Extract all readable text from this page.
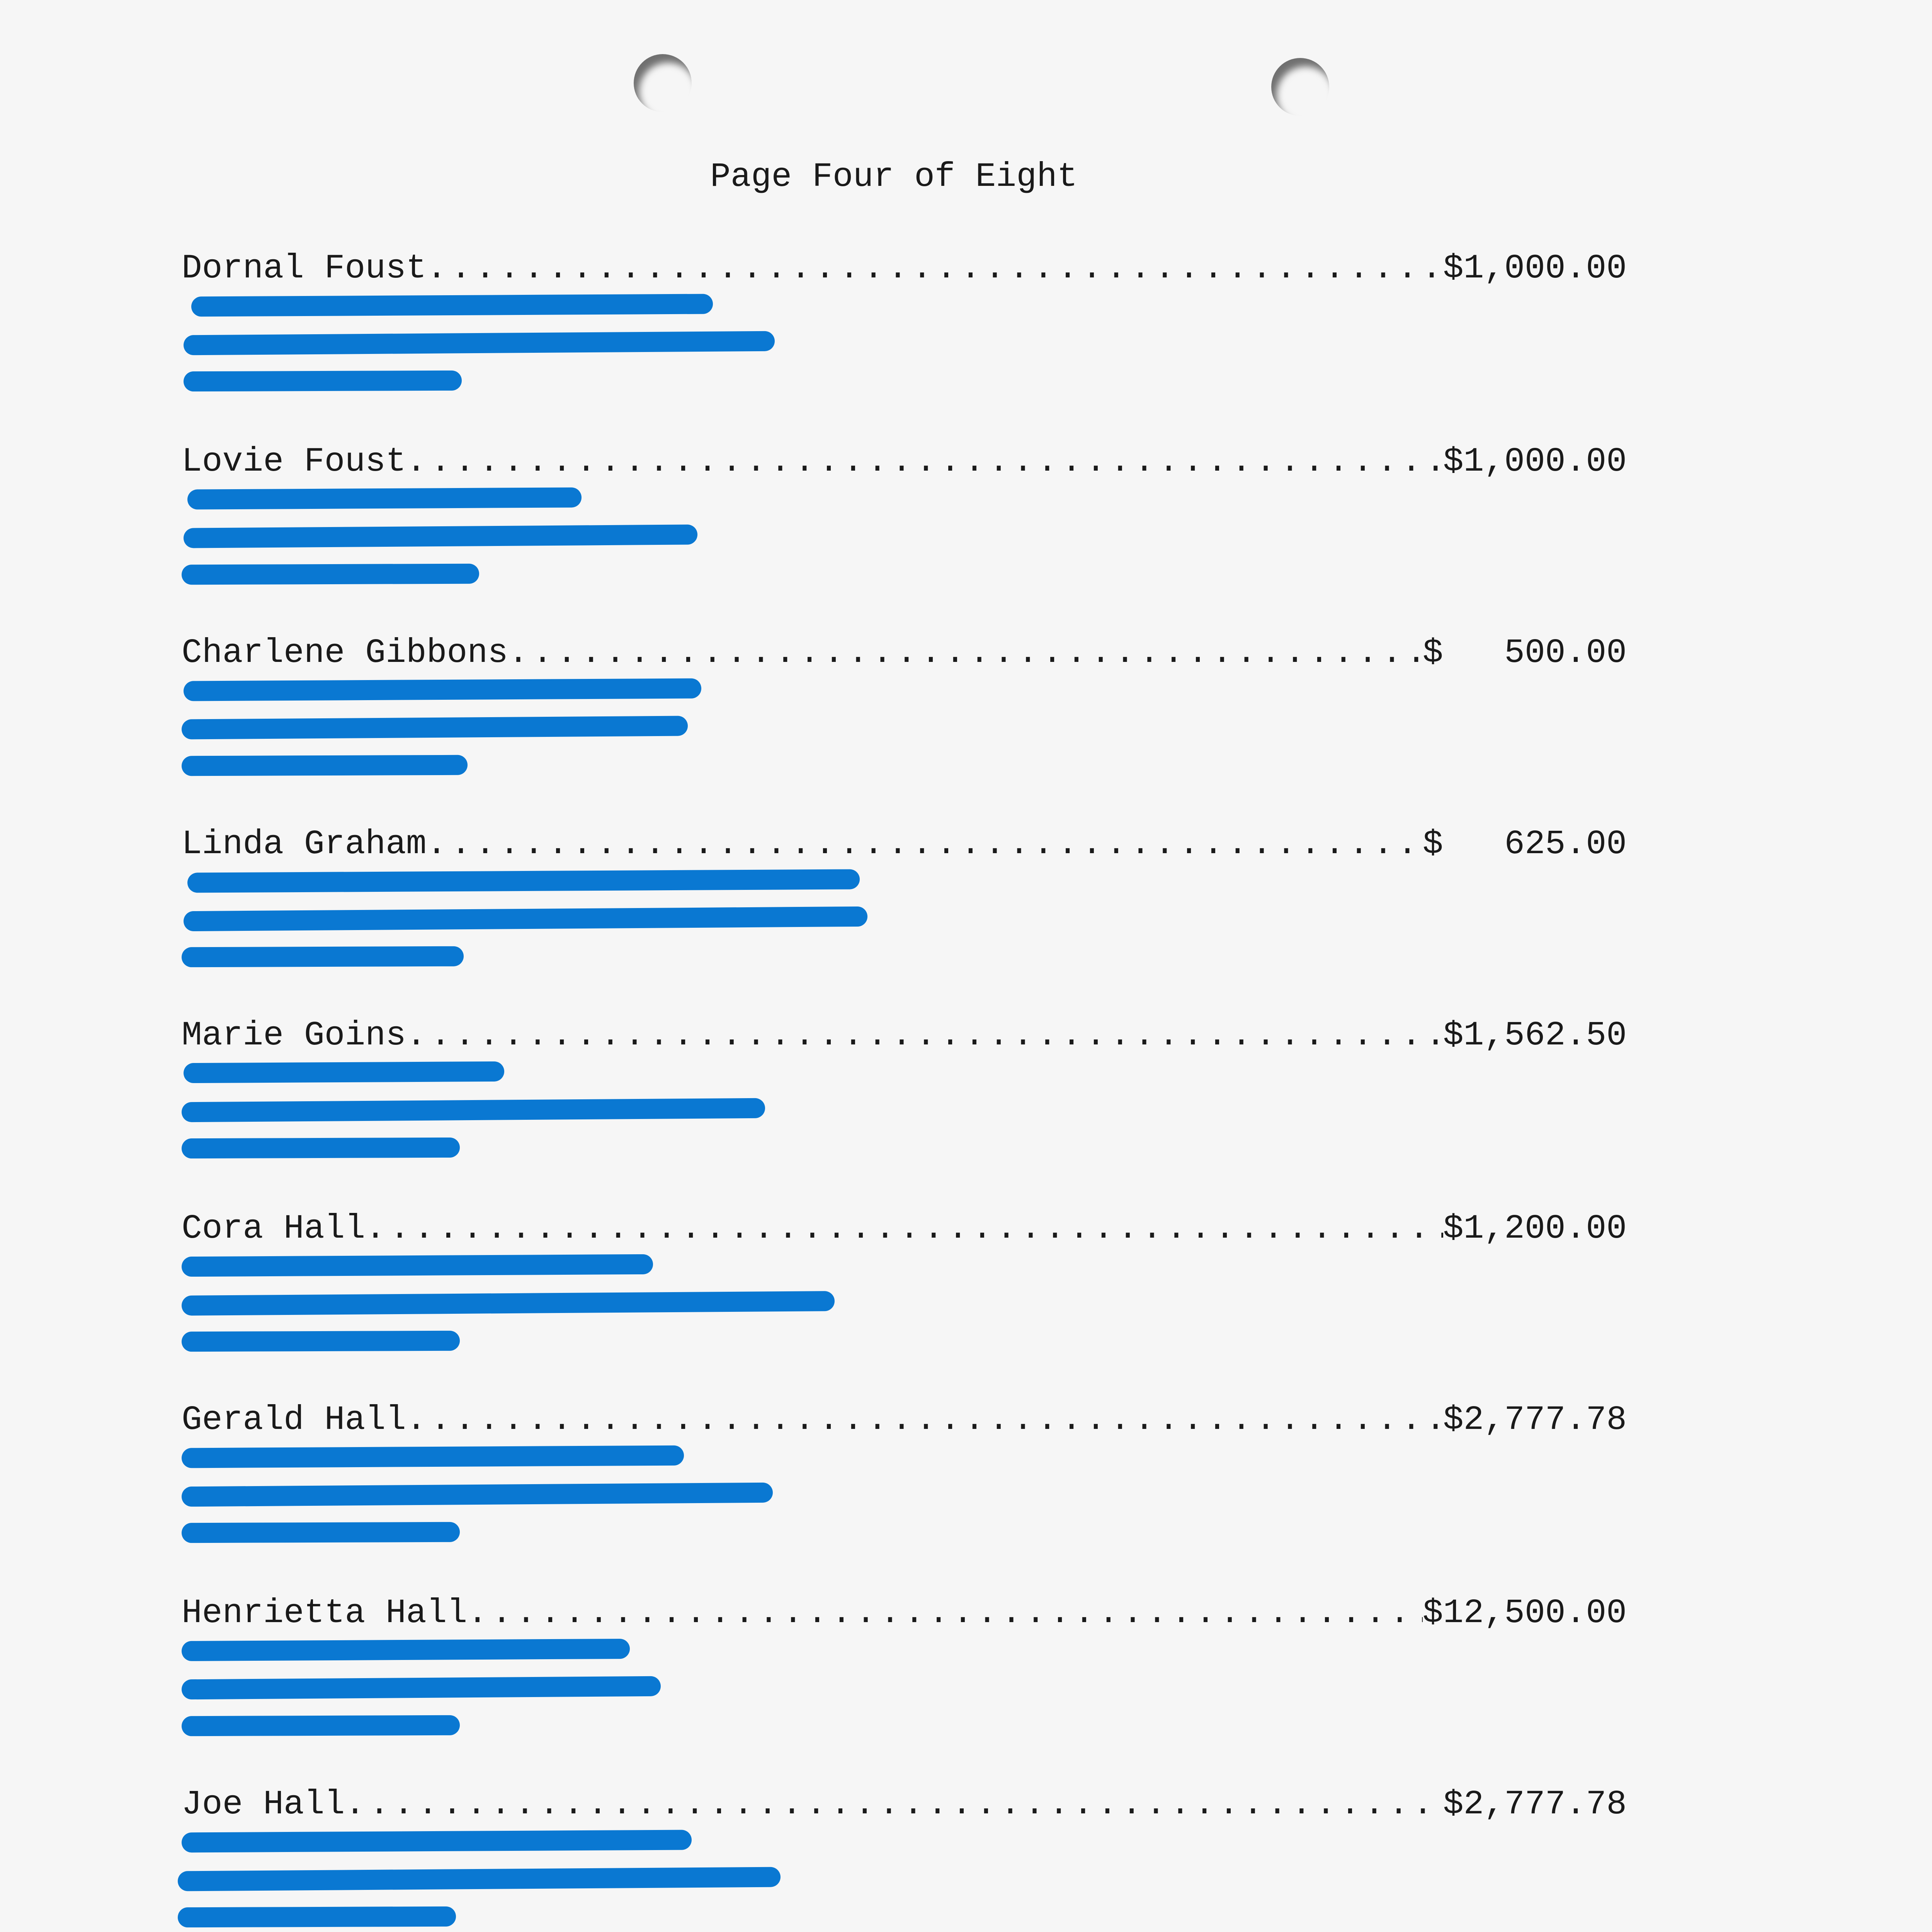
Page Four of Eight
Dornal Foust .....	$1,000.00
Lovie Foust .....	$1,000.00
Charlene Gibbons .....	$   500.00
Linda Graham .....	$   625.00
Marie Goins .....	$1,562.50
Cora Hall .....	$1,200.00
Gerald Hall .....	$2,777.78
Henrietta Hall .....	$12,500.00
Joe Hall .....	$2,777.78
